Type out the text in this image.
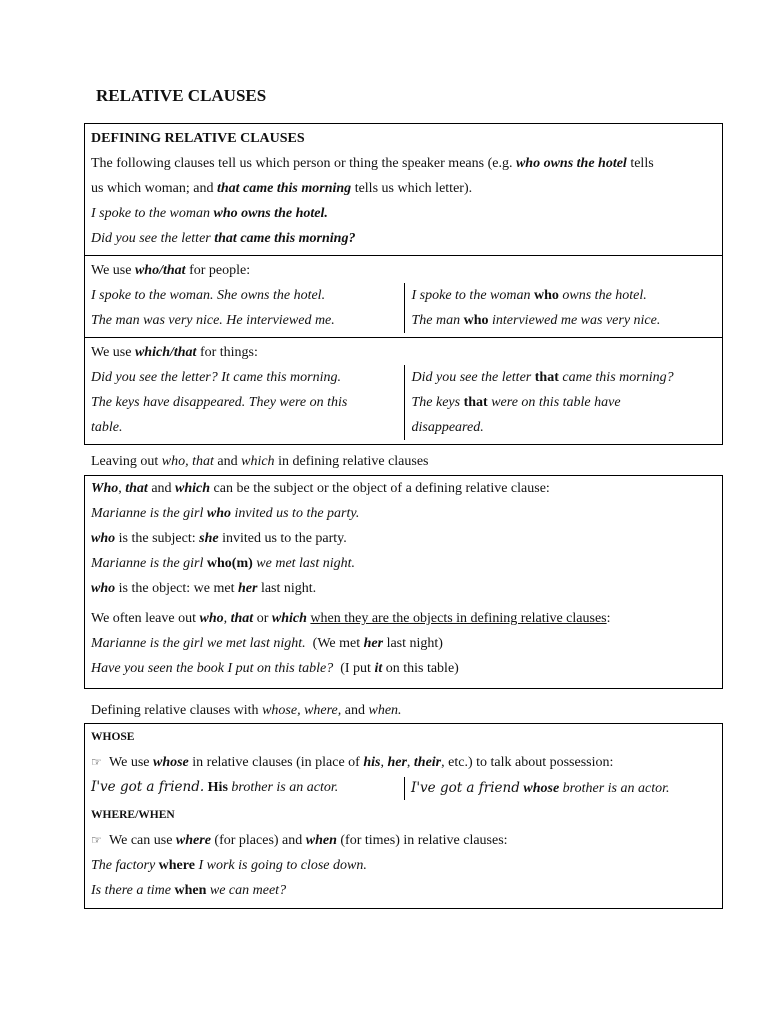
RELATIVE CLAUSES
DEFINING RELATIVE CLAUSES
The following clauses tell us which person or thing the speaker means (e.g. who owns the hotel tells
us which woman; and that came this morning tells us which letter).
I spoke to the woman who owns the hotel.
Did you see the letter that came this morning?
We use who/that for people:
I spoke to the woman. She owns the hotel.
The man was very nice. He interviewed me.
I spoke to the woman who owns the hotel.
The man who interviewed me was very nice.
We use which/that for things:
Did you see the letter? It came this morning.
The keys have disappeared. They were on this
table.
Did you see the letter that came this morning?
The keys that were on this table have
disappeared.
Leaving out who, that and which in defining relative clauses
Who, that and which can be the subject or the object of a defining relative clause:
Marianne is the girl who invited us to the party.
who is the subject: she invited us to the party.
Marianne is the girl who(m) we met last night.
who is the object: we met her last night.
We often leave out who, that or which when they are the objects in defining relative clauses:
Marianne is the girl we met last night. (We met her last night)
Have you seen the book I put on this table? (I put it on this table)
Defining relative clauses with whose, where, and when.
WHOSE
☞ We use whose in relative clauses (in place of his, her, their, etc.) to talk about possession:
I've got a friend. His brother is an actor.	I've got a friend whose brother is an actor.
WHERE/WHEN
☞ We can use where (for places) and when (for times) in relative clauses:
The factory where I work is going to close down.
Is there a time when we can meet?
